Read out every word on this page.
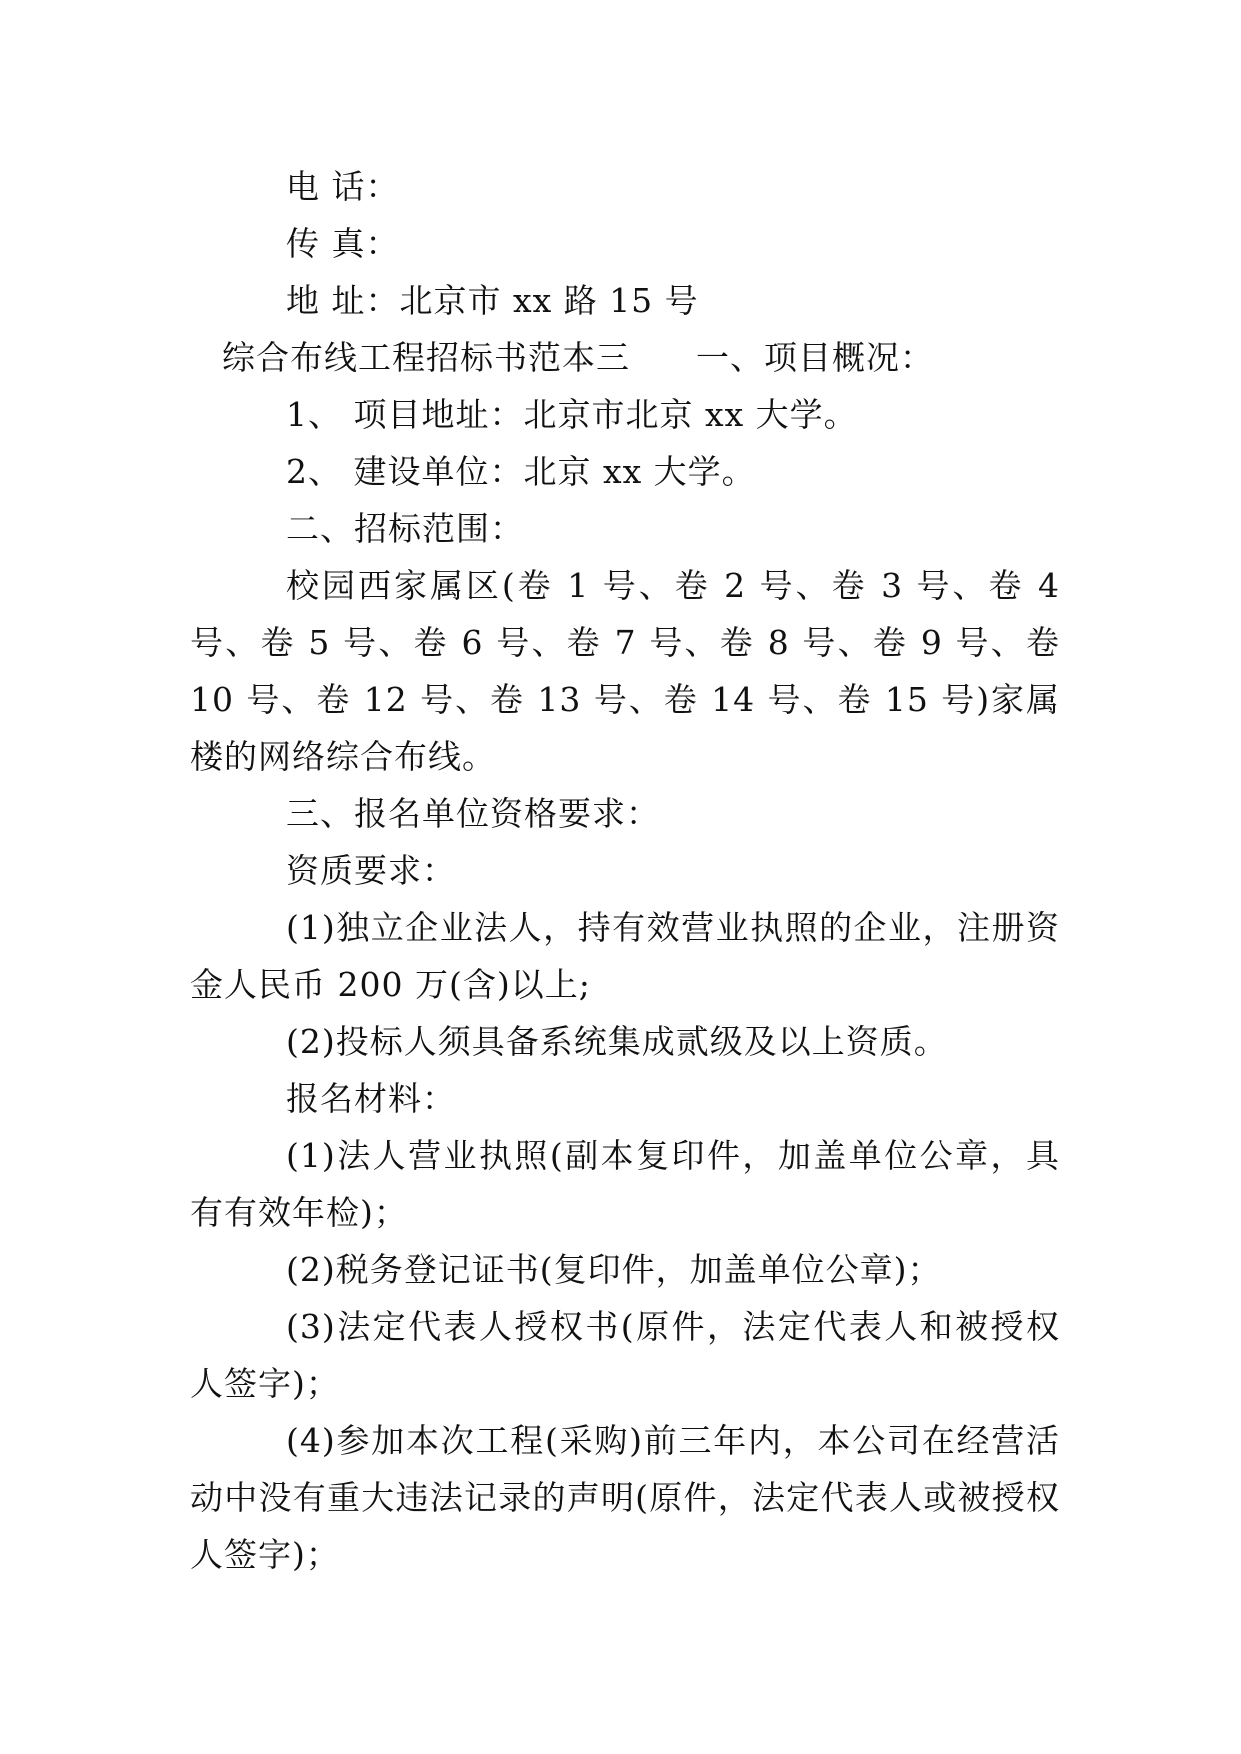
电 话：
传 真：
地 址：北京市 xx 路 15 号
综合布线工程招标书范本三 一、项目概况：
1、 项目地址：北京市北京 xx 大学。
2、 建设单位：北京 xx 大学。
二、招标范围：
校园西家属区(卷 1 号、卷 2 号、卷 3 号、卷 4 号、卷 5 号、卷 6 号、卷 7 号、卷 8 号、卷 9 号、卷 10 号、卷 12 号、卷 13 号、卷 14 号、卷 15 号)家属楼的网络综合布线。
三、报名单位资格要求：
资质要求：
(1)独立企业法人，持有效营业执照的企业，注册资金人民币 200 万(含)以上;
(2)投标人须具备系统集成贰级及以上资质。
报名材料：
(1)法人营业执照(副本复印件，加盖单位公章，具有有效年检)；
(2)税务登记证书(复印件，加盖单位公章)；
(3)法定代表人授权书(原件，法定代表人和被授权人签字)；
(4)参加本次工程(采购)前三年内，本公司在经营活动中没有重大违法记录的声明(原件，法定代表人或被授权人签字)；
